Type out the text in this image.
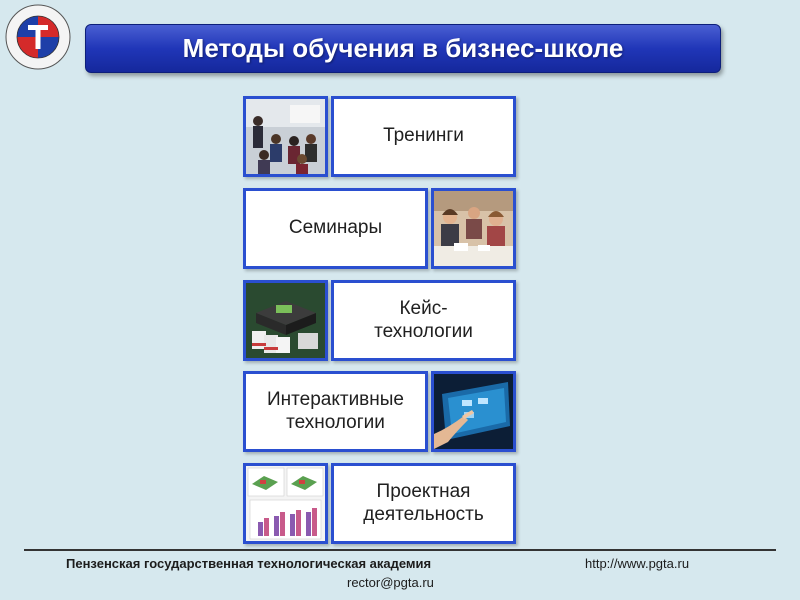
Методы обучения в бизнес-школе
Тренинги
Семинары
Кейс-
технологии
Интерактивные
технологии
Проектная
деятельность
Пензенская государственная технологическая академия	http://www.pgta.ru
rector@pgta.ru
